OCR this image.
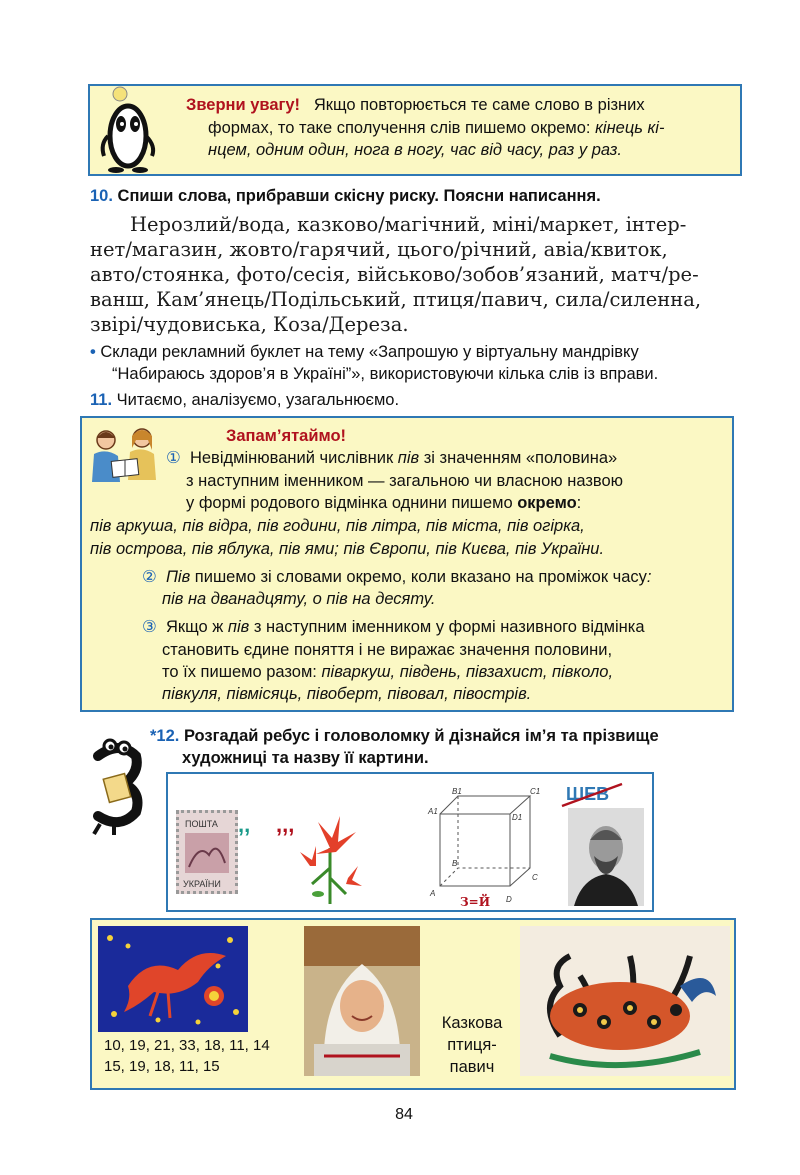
Зверни увагу! Якщо повторюється те саме слово в різних
формах, то таке сполучення слів пишемо окремо: кінець кі-
нцем, одним один, нога в ногу, час від часу, раз у раз.
10. Спиши слова, прибравши скісну риску. Поясни написання.
Нерозлий/вода, казково/магічний, міні/маркет, інтер-
нет/магазин, жовто/гарячий, цього/річний, авіа/квиток,
авто/стоянка, фото/сесія, військово/зобов’язаний, матч/ре-
ванш, Кам’янець/Подільський, птиця/павич, сила/силенна,
звірі/чудовиська, Коза/Дереза.
• Склади рекламний буклет на тему «Запрошую у віртуальну мандрівку
“Набираюсь здоров’я в Україні”», використовуючи кілька слів із вправи.
11. Читаємо, аналізуємо, узагальнюємо.
Запам’ятаймо!
① Невідмінюваний числівник пів зі значенням «половина»
з наступним іменником — загальною чи власною назвою
у формі родового відмінка однини пишемо окремо:
пів аркуша, пів відра, пів години, пів літра, пів міста, пів огірка,
пів острова, пів яблука, пів ями; пів Європи, пів Києва, пів України.
② Пів пишемо зі словами окремо, коли вказано на проміжок часу:
пів на дванадцяту, о пів на десяту.
③ Якщо ж пів з наступним іменником у формі називного відмінка
становить єдине поняття і не виражає значення половини,
то їх пишемо разом: піваркуш, південь, півзахист, півколо,
півкуля, півмісяць, півоберт, півовал, півострів.
*12. Розгадай ребус і головоломку й дізнайся ім’я та прізвище
художниці та назву її картини.
ПОШТА
УКРАЇНИ
,, ,,,
B1	C1
A1
D1
B
C
A
D
З=Й
ШЕВ
10, 19, 21, 33, 18, 11, 14
15, 19, 18, 11, 15
Казкова
птиця-
павич
84
